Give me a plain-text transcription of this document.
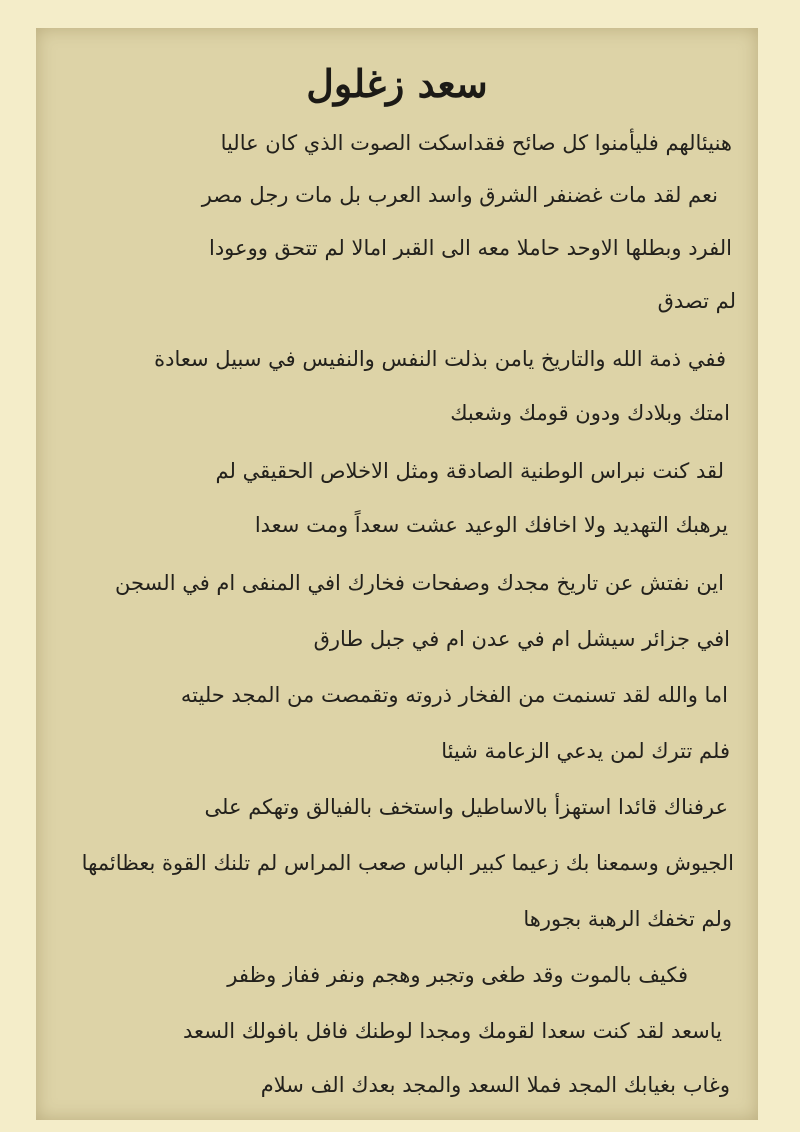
سعد زغلول
هنيئالهم فليأمنوا كل صائح فقداسكت الصوت الذي كان عاليا
نعم لقد مات غضنفر الشرق واسد العرب بل مات رجل مصر
الفرد وبطلها الاوحد حاملا معه الى القبر امالا لم تتحق ووعودا
لم تصدق
ففي ذمة الله والتاريخ يامن بذلت النفس والنفيس في سبيل سعادة
امتك وبلادك ودون قومك وشعبك
لقد كنت نبراس الوطنية الصادقة ومثل الاخلاص الحقيقي لم
يرهبك التهديد ولا اخافك الوعيد عشت سعداً ومت سعدا
اين نفتش عن تاريخ مجدك وصفحات فخارك افي المنفى ام في السجن
افي جزائر سيشل ام في عدن ام في جبل طارق
اما والله لقد تسنمت من الفخار ذروته وتقمصت من المجد حليته
فلم تترك لمن يدعي الزعامة شيئا
عرفناك قائدا استهزأ بالاساطيل واستخف بالفيالق وتهكم على
الجيوش وسمعنا بك زعيما كبير الباس صعب المراس لم تلنك القوة بعظائمها
ولم تخفك الرهبة بجورها
فكيف بالموت وقد طغى وتجبر وهجم ونفر ففاز وظفر
ياسعد لقد كنت سعدا لقومك ومجدا لوطنك فافل بافولك السعد
وغاب بغيابك المجد فملا السعد والمجد بعدك الف سلام
